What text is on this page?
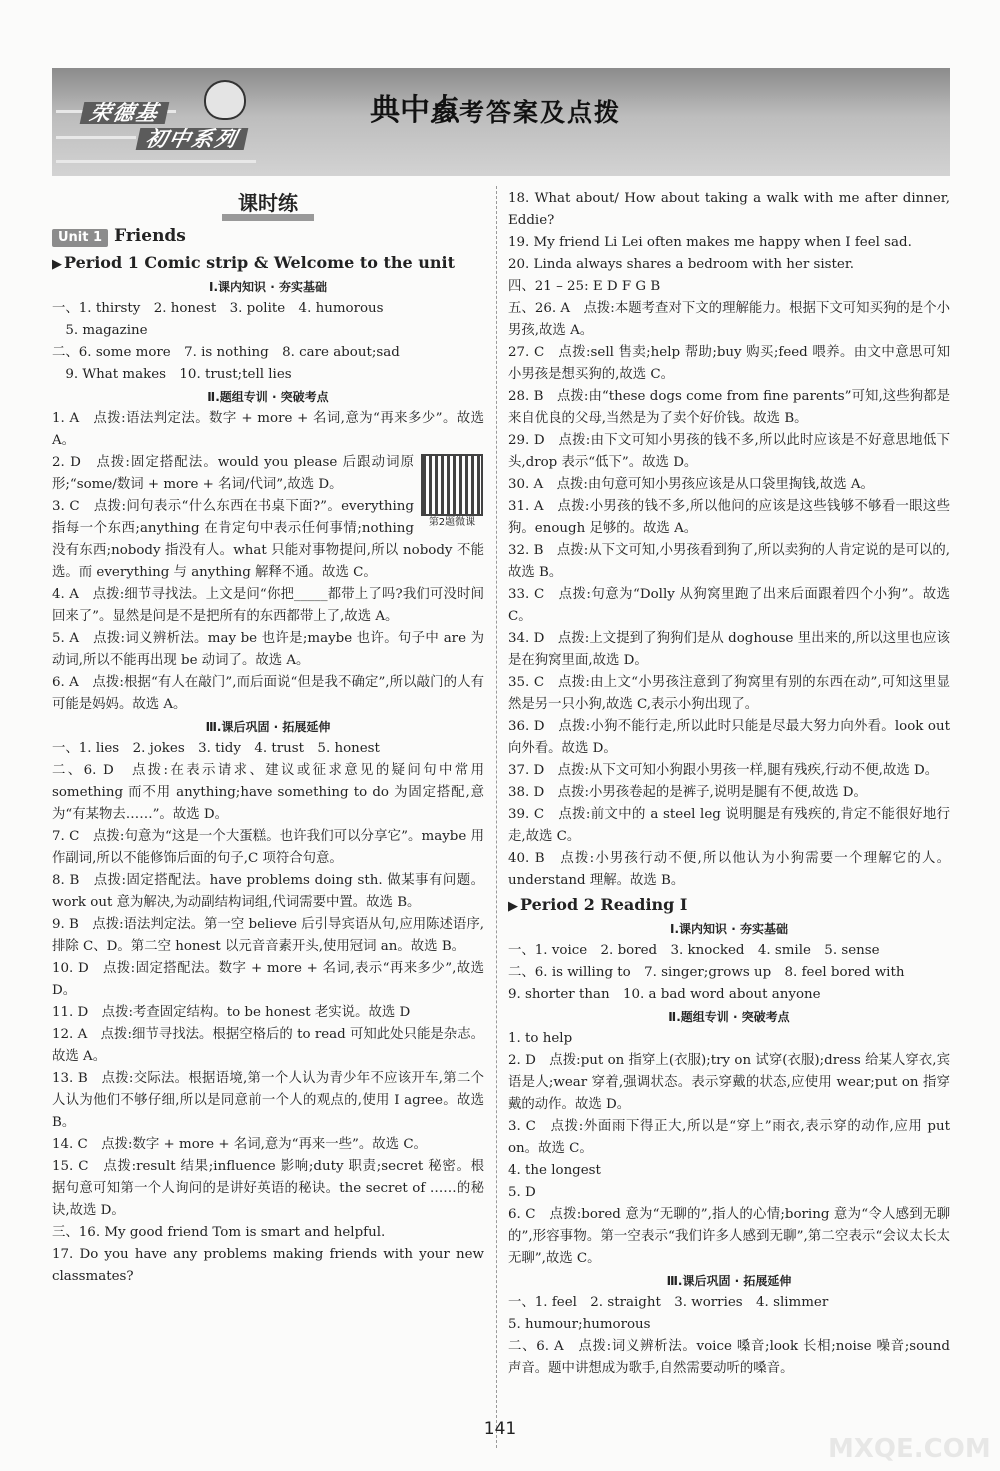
荣德基
初中系列
典中点
参考答案及点拨
课时练
Unit 1 Friends
▶ Period 1 Comic strip & Welcome to the unit
Ⅰ.课内知识 · 夯实基础
一、1. thirsty　2. honest　3. polite　4. humorous
　5. magazine
二、6. some more　7. is nothing　8. care about;sad
　9. What makes　10. trust;tell lies
Ⅱ.题组专训 · 突破考点

1. A　点拨:语法判定法。数字 + more + 名词,意为“再来多少”。故选 A。

第2题微课

2. D　点拨:固定搭配法。would you please 后跟动词原形;“some/数词 + more + 名词/代词”,故选 D。

3. C　点拨:问句表示“什么东西在书桌下面?”。everything 指每一个东西;anything 在肯定句中表示任何事情;nothing 没有东西;nobody 指没有人。what 只能对事物提问,所以 nobody 不能选。而 everything 与 anything 解释不通。故选 C。

4. A　点拨:细节寻找法。上文是问“你把_____都带上了吗?我们可没时间回来了”。显然是问是不是把所有的东西都带上了,故选 A。

5. A　点拨:词义辨析法。may be 也许是;maybe 也许。句子中 are 为动词,所以不能再出现 be 动词了。故选 A。

6. A　点拨:根据“有人在敲门”,而后面说“但是我不确定”,所以敲门的人有可能是妈妈。故选 A。

Ⅲ.课后巩固 · 拓展延伸

一、1. lies　2. jokes　3. tidy　4. trust　5. honest

二、6. D　点拨:在表示请求、建议或征求意见的疑问句中常用 something 而不用 anything;have something to do 为固定搭配,意为“有某物去……”。故选 D。

7. C　点拨:句意为“这是一个大蛋糕。也许我们可以分享它”。maybe 用作副词,所以不能修饰后面的句子,C 项符合句意。

8. B　点拨:固定搭配法。have problems doing sth. 做某事有问题。work out 意为解决,为动副结构词组,代词需要中置。故选 B。

9. B　点拨:语法判定法。第一空 believe 后引导宾语从句,应用陈述语序,排除 C、D。第二空 honest 以元音音素开头,使用冠词 an。故选 B。

10. D　点拨:固定搭配法。数字 + more + 名词,表示“再来多少”,故选 D。

11. D　点拨:考查固定结构。to be honest 老实说。故选 D

12. A　点拨:细节寻找法。根据空格后的 to read 可知此处只能是杂志。故选 A。

13. B　点拨:交际法。根据语境,第一个人认为青少年不应该开车,第二个人认为他们不够仔细,所以是同意前一个人的观点的,使用 I agree。故选 B。

14. C　点拨:数字 + more + 名词,意为“再来一些”。故选 C。

15. C　点拨:result 结果;influence 影响;duty 职责;secret 秘密。根据句意可知第一个人询问的是讲好英语的秘诀。the secret of ……的秘诀,故选 D。

三、16. My good friend Tom is smart and helpful.

17. Do you have any problems making friends with your new classmates?

18. What about/ How about taking a walk with me after dinner, Eddie?

19. My friend Li Lei often makes me happy when I feel sad.

20. Linda always shares a bedroom with her sister.

四、21 – 25: E D F G B

五、26. A　点拨:本题考查对下文的理解能力。根据下文可知买狗的是个小男孩,故选 A。

27. C　点拨:sell 售卖;help 帮助;buy 购买;feed 喂养。由文中意思可知小男孩是想买狗的,故选 C。

28. B　点拨:由“these dogs come from fine parents”可知,这些狗都是来自优良的父母,当然是为了卖个好价钱。故选 B。

29. D　点拨:由下文可知小男孩的钱不多,所以此时应该是不好意思地低下头,drop 表示“低下”。故选 D。

30. A　点拨:由句意可知小男孩应该是从口袋里掏钱,故选 A。

31. A　点拨:小男孩的钱不多,所以他问的应该是这些钱够不够看一眼这些狗。enough 足够的。故选 A。

32. B　点拨:从下文可知,小男孩看到狗了,所以卖狗的人肯定说的是可以的,故选 B。

33. C　点拨:句意为“Dolly 从狗窝里跑了出来后面跟着四个小狗”。故选 C。

34. D　点拨:上文提到了狗狗们是从 doghouse 里出来的,所以这里也应该是在狗窝里面,故选 D。

35. C　点拨:由上文“小男孩注意到了狗窝里有别的东西在动”,可知这里显然是另一只小狗,故选 C,表示小狗出现了。

36. D　点拨:小狗不能行走,所以此时只能是尽最大努力向外看。look out 向外看。故选 D。

37. D　点拨:从下文可知小狗跟小男孩一样,腿有残疾,行动不便,故选 D。

38. D　点拨:小男孩卷起的是裤子,说明是腿有不便,故选 D。

39. C　点拨:前文中的 a steel leg 说明腿是有残疾的,肯定不能很好地行走,故选 C。

40. B　点拨:小男孩行动不便,所以他认为小狗需要一个理解它的人。understand 理解。故选 B。

▶ Period 2 Reading Ⅰ
Ⅰ.课内知识 · 夯实基础
一、1. voice　2. bored　3. knocked　4. smile　5. sense
二、6. is willing to　7. singer;grows up　8. feel bored with
9. shorter than　10. a bad word about anyone
Ⅱ.题组专训 · 突破考点

1. to help

2. D　点拨:put on 指穿上(衣服);try on 试穿(衣服);dress 给某人穿衣,宾语是人;wear 穿着,强调状态。表示穿戴的状态,应使用 wear;put on 指穿戴的动作。故选 D。

3. C　点拨:外面雨下得正大,所以是“穿上”雨衣,表示穿的动作,应用 put on。故选 C。

4. the longest

5. D

6. C　点拨:bored 意为“无聊的”,指人的心情;boring 意为“令人感到无聊的”,形容事物。第一空表示“我们许多人感到无聊”,第二空表示“会议太长太无聊”,故选 C。

Ⅲ.课后巩固 · 拓展延伸
一、1. feel　2. straight　3. worries　4. slimmer
5. humour;humorous

二、6. A　点拨:词义辨析法。voice 嗓音;look 长相;noise 噪音;sound 声音。题中讲想成为歌手,自然需要动听的嗓音。

MXQE.COM
141
